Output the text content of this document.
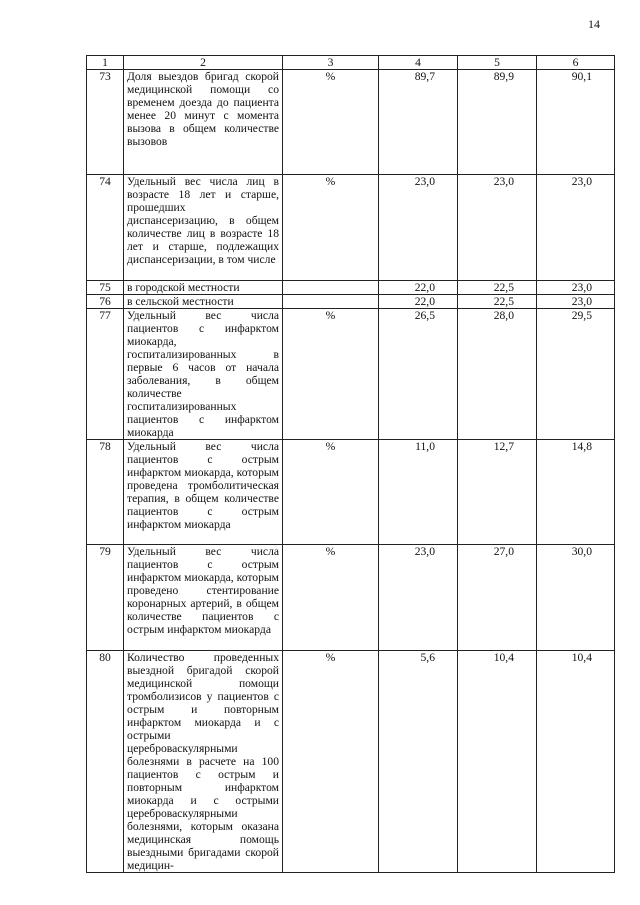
14
1	2	3	4	5	6
73	Доля выездов бригад скорой медицинской помощи со временем доезда до пациента менее 20 минут с момента вызова в общем количестве вызовов	%	89,7	89,9	90,1
74	Удельный вес числа лиц в возрасте 18 лет и старше, прошедших диспансеризацию, в общем количестве лиц в возрасте 18 лет и старше, подлежащих диспансеризации, в том числе	%	23,0	23,0	23,0
75	в городской местности		22,0	22,5	23,0
76	в сельской местности		22,0	22,5	23,0
77	Удельный вес числа пациентов с инфарктом миокарда, госпитализированных в первые 6 часов от начала заболевания, в общем количестве госпитализированных пациентов с инфарктом миокарда	%	26,5	28,0	29,5
78	Удельный вес числа пациентов с острым инфарктом миокарда, которым проведена тромболитическая терапия, в общем количестве пациентов с острым инфарктом миокарда	%	11,0	12,7	14,8
79	Удельный вес числа пациентов с острым инфарктом миокарда, которым проведено стентирование коронарных артерий, в общем количестве пациентов с острым инфарктом миокарда	%	23,0	27,0	30,0
80	Количество проведенных выездной бригадой скорой медицинской помощи тромболизисов у пациентов с острым и повторным инфарктом миокарда и с острыми цереброваскулярными болезнями в расчете на 100 пациентов с острым и повторным инфарктом миокарда и с острыми цереброваскулярными болезнями, которым оказана медицинская помощь выездными бригадами скорой медицин-	%	5,6	10,4	10,4
